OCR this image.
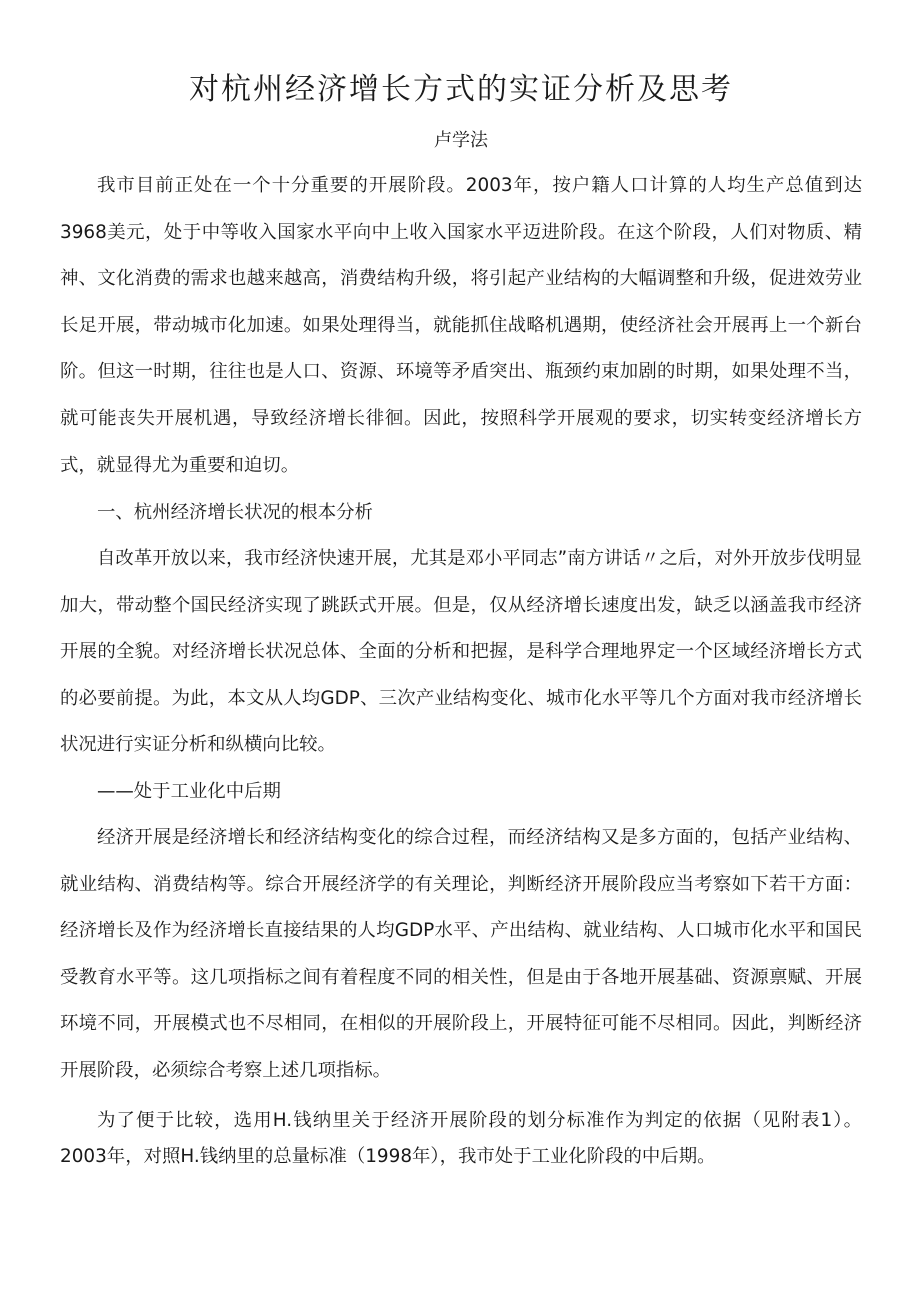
对杭州经济增长方式的实证分析及思考
卢学法

我市目前正处在一个十分重要的开展阶段。2003年，按户籍人口计算的人均生产总值到达3968美元，处于中等收入国家水平向中上收入国家水平迈进阶段。在这个阶段，人们对物质、精神、文化消费的需求也越来越高，消费结构升级，将引起产业结构的大幅调整和升级，促进效劳业长足开展，带动城市化加速。如果处理得当，就能抓住战略机遇期，使经济社会开展再上一个新台阶。但这一时期，往往也是人口、资源、环境等矛盾突出、瓶颈约束加剧的时期，如果处理不当，就可能丧失开展机遇，导致经济增长徘徊。因此，按照科学开展观的要求，切实转变经济增长方式，就显得尤为重要和迫切。

一、杭州经济增长状况的根本分析

自改革开放以来，我市经济快速开展，尤其是邓小平同志”南方讲话〃之后，对外开放步伐明显加大，带动整个国民经济实现了跳跃式开展。但是，仅从经济增长速度出发，缺乏以涵盖我市经济开展的全貌。对经济增长状况总体、全面的分析和把握，是科学合理地界定一个区域经济增长方式的必要前提。为此，本文从人均GDP、三次产业结构变化、城市化水平等几个方面对我市经济增长状况进行实证分析和纵横向比较。

——处于工业化中后期

经济开展是经济增长和经济结构变化的综合过程，而经济结构又是多方面的，包括产业结构、就业结构、消费结构等。综合开展经济学的有关理论，判断经济开展阶段应当考察如下若干方面：经济增长及作为经济增长直接结果的人均GDP水平、产出结构、就业结构、人口城市化水平和国民受教育水平等。这几项指标之间有着程度不同的相关性，但是由于各地开展基础、资源禀赋、开展环境不同，开展模式也不尽相同，在相似的开展阶段上，开展特征可能不尽相同。因此，判断经济开展阶段，必须综合考察上述几项指标。

为了便于比较，选用H.钱纳里关于经济开展阶段的划分标准作为判定的依据（见附表1）。2003年，对照H.钱纳里的总量标准（1998年），我市处于工业化阶段的中后期。
